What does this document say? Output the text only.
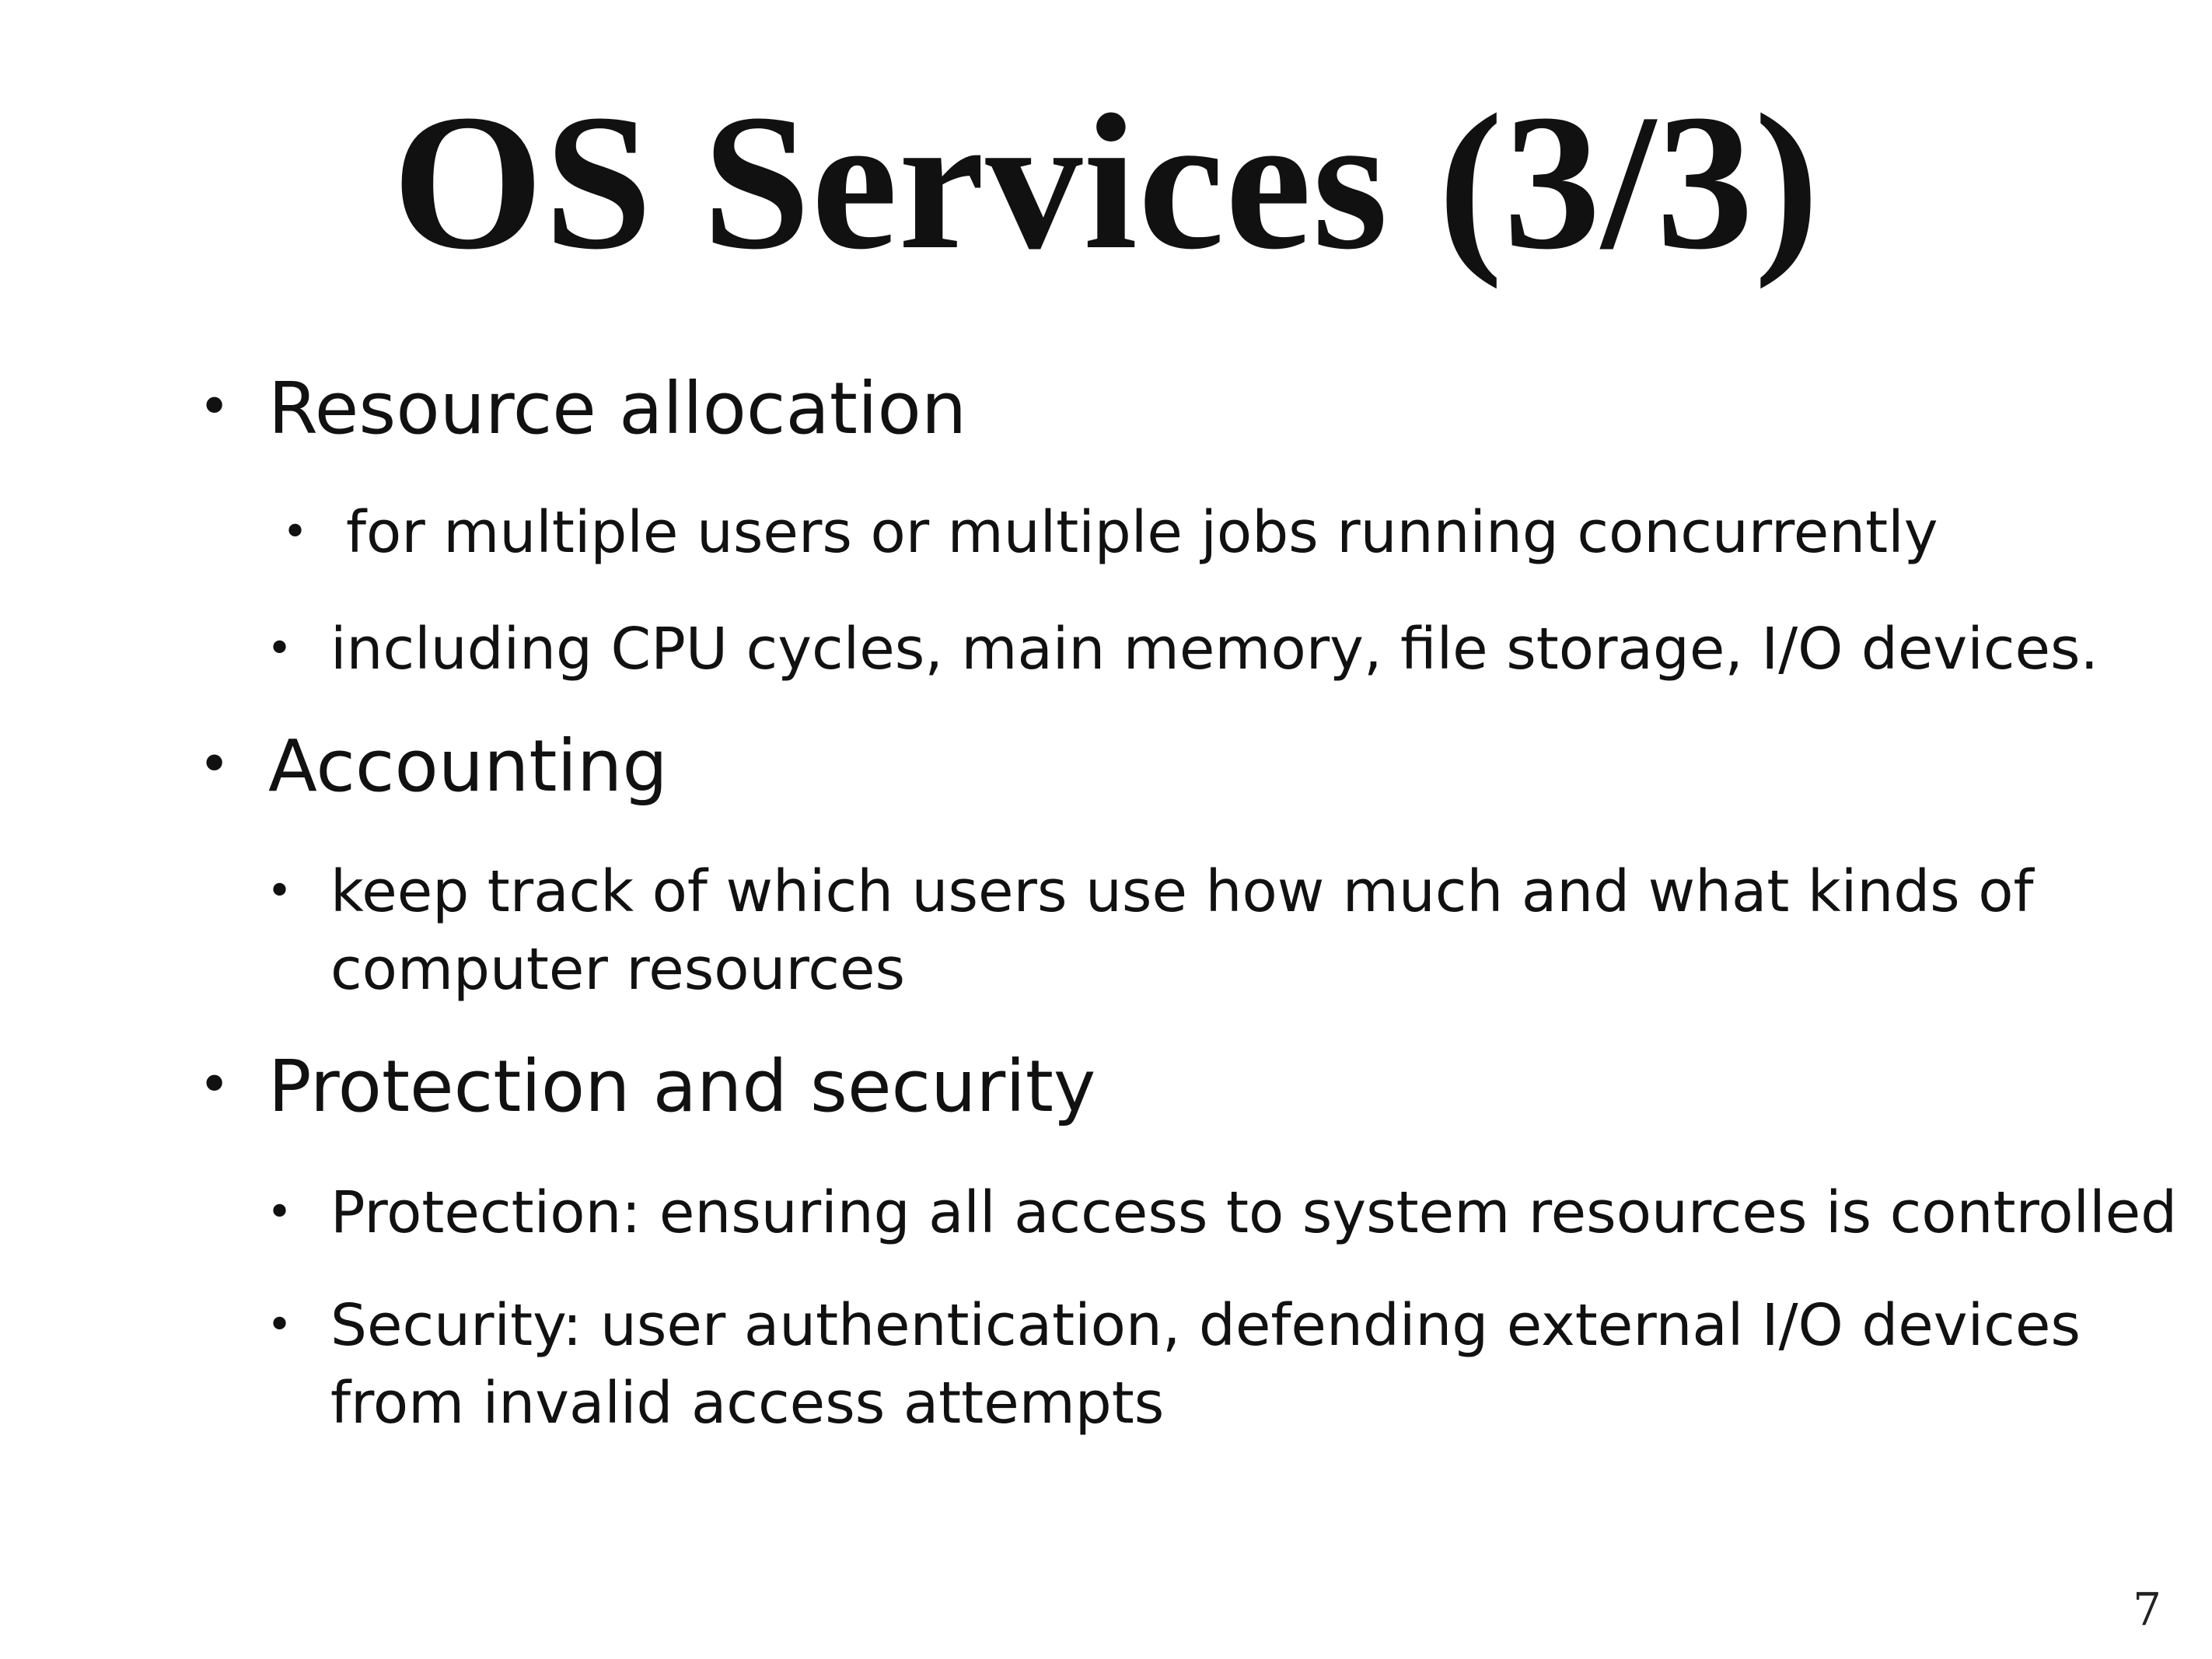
OS Services (3/3)
• Resource allocation
• for multiple users or multiple jobs running concurrently
• including CPU cycles, main memory, file storage, I/O devices.
• Accounting
• keep track of which users use how much and what kinds of
computer resources
• Protection and security
• Protection: ensuring all access to system resources is controlled
• Security: user authentication, defending external I/O devices
from invalid access attempts
7
